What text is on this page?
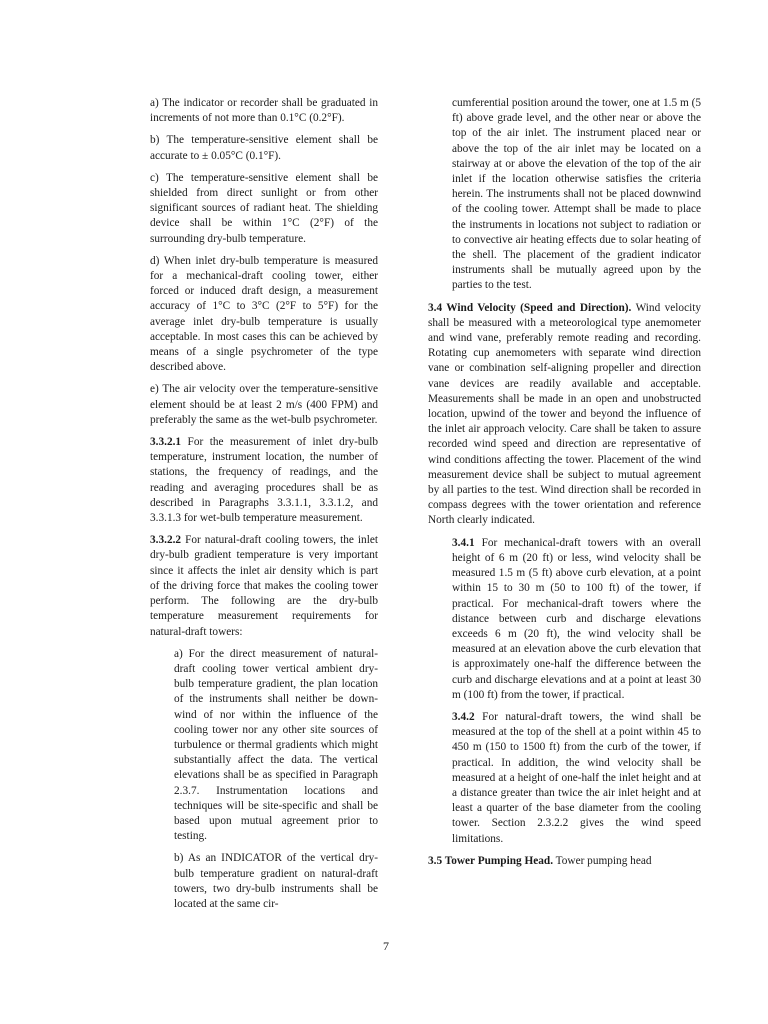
a) The indicator or recorder shall be graduated in increments of not more than 0.1°C (0.2°F).

b) The temperature-sensitive element shall be accurate to ± 0.05°C (0.1°F).

c) The temperature-sensitive element shall be shielded from direct sunlight or from other significant sources of radiant heat. The shielding device shall be within 1°C (2°F) of the surrounding dry-bulb temperature.

d) When inlet dry-bulb temperature is measured for a mechanical-draft cooling tower, either forced or induced draft design, a measurement accuracy of 1°C to 3°C (2°F to 5°F) for the average inlet dry-bulb temperature is usually acceptable. In most cases this can be achieved by means of a single psychrometer of the type described above.

e) The air velocity over the temperature-sensitive element should be at least 2 m/s (400 FPM) and preferably the same as the wet-bulb psychrometer.

3.3.2.1 For the measurement of inlet dry-bulb temperature, instrument location, the number of stations, the frequency of readings, and the reading and averaging procedures shall be as described in Paragraphs 3.3.1.1, 3.3.1.2, and 3.3.1.3 for wet-bulb temperature measurement.

3.3.2.2 For natural-draft cooling towers, the inlet dry-bulb gradient temperature is very important since it affects the inlet air density which is part of the driving force that makes the cooling tower perform. The following are the dry-bulb temperature measurement requirements for natural-draft towers:

a) For the direct measurement of natural-draft cooling tower vertical ambient dry-bulb temperature gradient, the plan location of the instruments shall neither be down-wind of nor within the influence of the cooling tower nor any other site sources of turbulence or thermal gradients which might substantially affect the data. The vertical elevations shall be as specified in Paragraph 2.3.7. Instrumentation locations and techniques will be site-specific and shall be based upon mutual agreement prior to testing.

b) As an INDICATOR of the vertical dry-bulb temperature gradient on natural-draft towers, two dry-bulb instruments shall be located at the same cir-

cumferential position around the tower, one at 1.5 m (5 ft) above grade level, and the other near or above the top of the air inlet. The instrument placed near or above the top of the air inlet may be located on a stairway at or above the elevation of the top of the air inlet if the location otherwise satisfies the criteria herein. The instruments shall not be placed downwind of the cooling tower. Attempt shall be made to place the instruments in locations not subject to radiation or to convective air heating effects due to solar heating of the shell. The placement of the gradient indicator instruments shall be mutually agreed upon by the parties to the test.

3.4 Wind Velocity (Speed and Direction). Wind velocity shall be measured with a meteorological type anemometer and wind vane, preferably remote reading and recording. Rotating cup anemometers with separate wind direction vane or combination self-aligning propeller and direction vane devices are readily available and acceptable. Measurements shall be made in an open and unobstructed location, upwind of the tower and beyond the influence of the inlet air approach velocity. Care shall be taken to assure recorded wind speed and direction are representative of wind conditions affecting the tower. Placement of the wind measurement device shall be subject to mutual agreement by all parties to the test. Wind direction shall be recorded in compass degrees with the tower orientation and reference North clearly indicated.

3.4.1 For mechanical-draft towers with an overall height of 6 m (20 ft) or less, wind velocity shall be measured 1.5 m (5 ft) above curb elevation, at a point within 15 to 30 m (50 to 100 ft) of the tower, if practical. For mechanical-draft towers where the distance between curb and discharge elevations exceeds 6 m (20 ft), the wind velocity shall be measured at an elevation above the curb elevation that is approximately one-half the difference between the curb and discharge elevations and at a point at least 30 m (100 ft) from the tower, if practical.

3.4.2 For natural-draft towers, the wind shall be measured at the top of the shell at a point within 45 to 450 m (150 to 1500 ft) from the curb of the tower, if practical. In addition, the wind velocity shall be measured at a height of one-half the inlet height and at a distance greater than twice the air inlet height and at least a quarter of the base diameter from the cooling tower. Section 2.3.2.2 gives the wind speed limitations.

3.5 Tower Pumping Head. Tower pumping head

7
